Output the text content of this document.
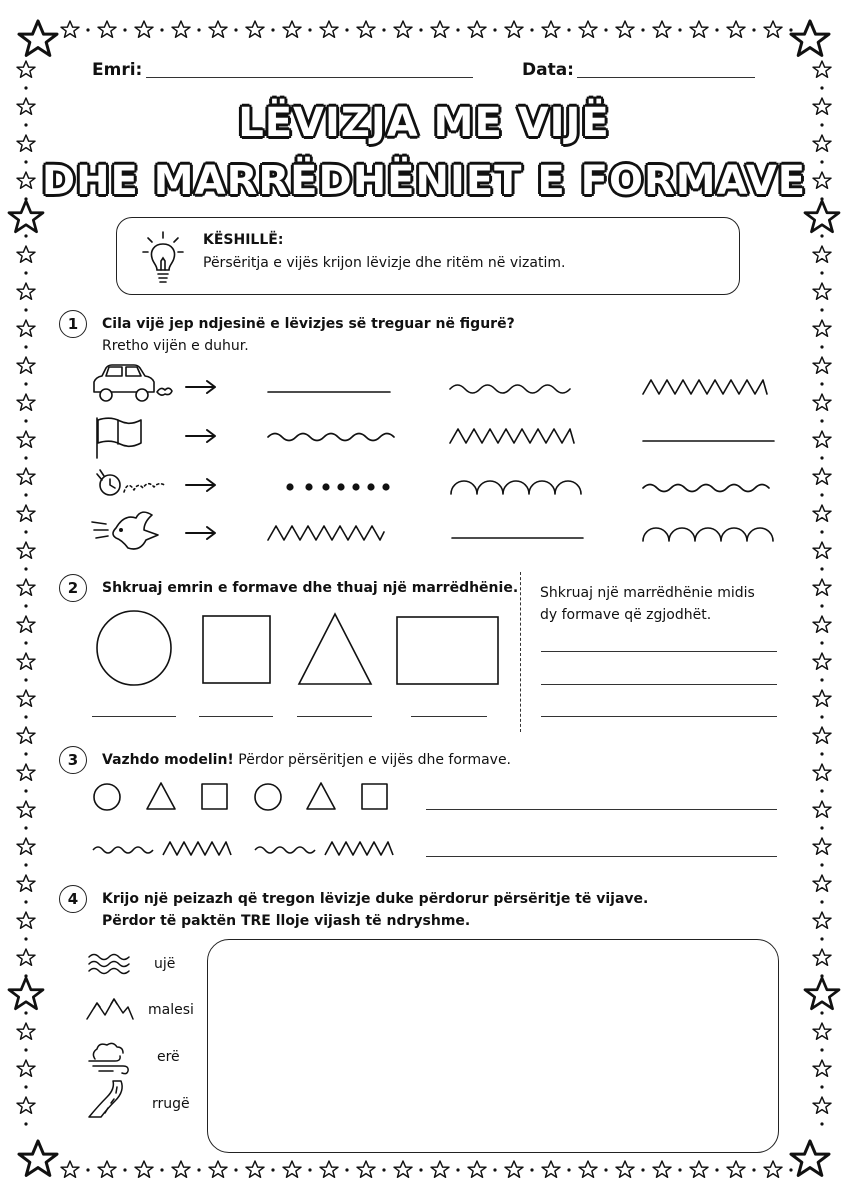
Emri:	Data:
LËVIZJA ME VIJË
DHE MARRËDHËNIET E FORMAVE
KËSHILLË:
Përsëritja e vijës krijon lëvizje dhe ritëm në vizatim.
1	Cila vijë jep ndjesinë e lëvizjes së treguar në figurë?
Rretho vijën e duhur.
2	Shkruaj emrin e formave dhe thuaj një marrëdhënie. Shkruaj një marrëdhënie midis
dy formave që zgjodhët.
3	Vazhdo modelin! Përdor përsëritjen e vijës dhe formave.
4	Krijo një peizazh që tregon lëvizje duke përdorur përsëritje të vijave.
Përdor të paktën TRE lloje vijash të ndryshme.
ujë
malesi
erë
rrugë
